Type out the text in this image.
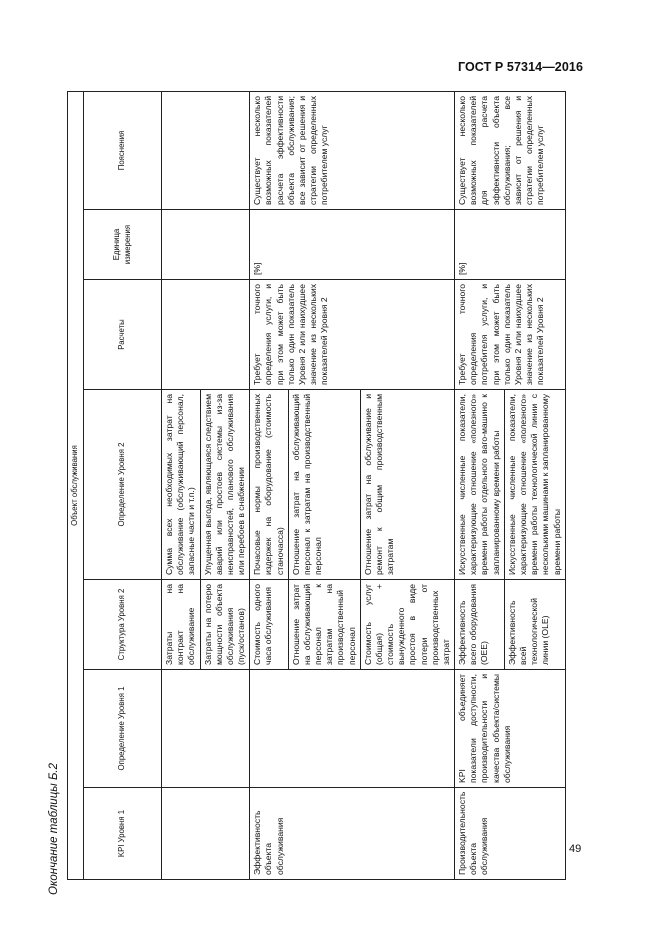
ГОСТ Р 57314—2016
Окончание таблицы Б.2
Объект обслуживания						
KPI Уровня 1	Определение Уровня 1	Структура Уровня 2	Определение Уровня 2	Расчеты	Единица измерения	Пояснения
		Затраты на контракт на обслуживание	Сумма всех необходимых затрат на обслуживание (обслуживающий персонал, запасные части и т.п.)			
		Затраты на потерю мощности объекта обслуживания (пуск/останов)	Упущенная выгода, являющаяся следствием аварий или простоев системы из-за неисправностей, планового обслуживания или перебоев в снабжении			
Эффективность объекта обслуживания		Стоимость одного часа обслуживания	Почасовые нормы производственных издержек на оборудование (стоимость станочасса)	Требует точного определения услуги, и при этом может быть только один показатель Уровня 2 или наихудшее значение из нескольких показателей Уровня 2	[%]	Существует несколько возможных показателей расчета эффективности объекта обслуживания; все зависит от решения и стратегии определенных потребителем услуг
		Отношение затрат на обслуживающий персонал к затратам на производственный персонал	Отношение затрат на обслуживающий персонал к затратам на производственный персонал			
		Стоимость услуг (общая) + стоимость вынужденного простоя в виде потери от производственных затрат	Отношение затрат на обслуживание и ремонт к общим производственным затратам			
Производительность объекта обслуживания	KPI объединяет показатели доступности, производительности и качества объекта/системы обслуживания	Эффективность всего оборудования (OEE)	Искусственные численные показатели, характеризующие отношение «полезного» времени работы отдельного ваго-машино к запланированному времени работы	Требует точного определения потребителя услуги, и при этом может быть только один показатель Уровня 2 или наихудшее значение из нескольких показателей Уровня 2	[%]	Существует несколько возможных показателей для расчета эффективности объекта обслуживания; все зависит от решения и стратегии определенных потребителем услуг
		Эффективность всей технологической линии (OLE)	Искусственные численные показатели, характеризующие отношение «полезного» времени работы технологической линии с несколькими машинами к запланированному времени работы			
49
